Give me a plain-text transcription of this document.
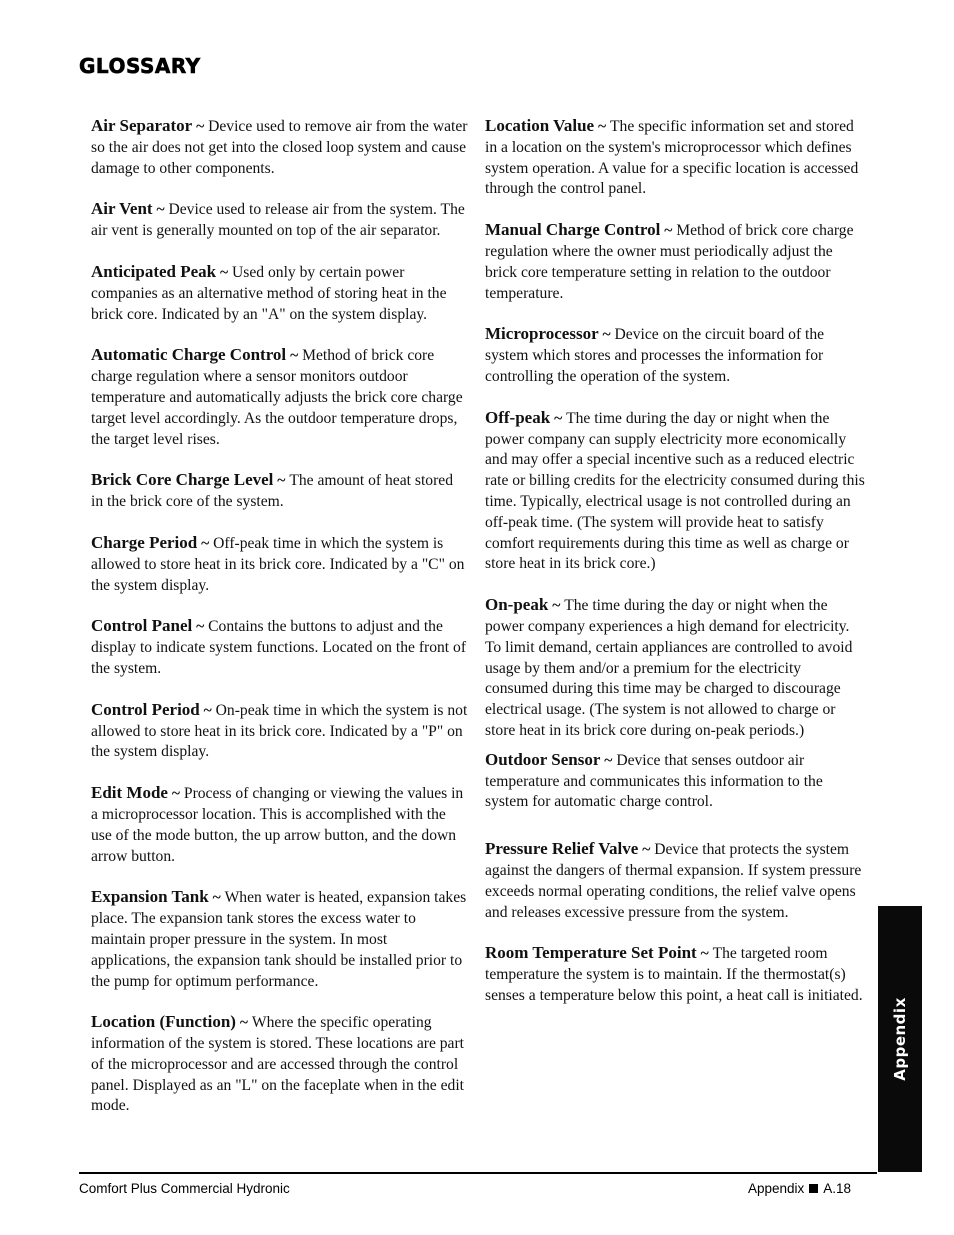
GLOSSARY

Air Separator ~ Device used to remove air from the water so the air does not get into the closed loop system and cause damage to other components.

Air Vent ~ Device used to release air from the system. The air vent is generally mounted on top of the air separator.

Anticipated Peak ~ Used only by certain power companies as an alternative method of storing heat in the brick core. Indicated by an "A" on the system display.

Automatic Charge Control ~ Method of brick core charge regulation where a sensor monitors outdoor temperature and automatically adjusts the brick core charge target level accordingly. As the outdoor temperature drops, the target level rises.

Brick Core Charge Level ~ The amount of heat stored in the brick core of the system.

Charge Period ~ Off-peak time in which the system is allowed to store heat in its brick core. Indicated by a "C" on the system display.

Control Panel ~ Contains the buttons to adjust and the display to indicate system functions. Located on the front of the system.

Control Period ~ On-peak time in which the system is not allowed to store heat in its brick core. Indicated by a "P" on the system display.

Edit Mode ~ Process of changing or viewing the values in a microprocessor location. This is accomplished with the use of the mode button, the up arrow button, and the down arrow button.

Expansion Tank ~ When water is heated, expansion takes place. The expansion tank stores the excess water to maintain proper pressure in the system. In most applications, the expansion tank should be installed prior to the pump for optimum performance.

Location (Function) ~ Where the specific operating information of the system is stored. These locations are part of the microprocessor and are accessed through the control panel. Displayed as an "L" on the faceplate when in the edit mode.

Location Value ~ The specific information set and stored in a location on the system's microprocessor which defines system operation. A value for a specific location is accessed through the control panel.

Manual Charge Control ~ Method of brick core charge regulation where the owner must periodically adjust the brick core temperature setting in relation to the outdoor temperature.

Microprocessor ~ Device on the circuit board of the system which stores and processes the information for controlling the operation of the system.

Off-peak ~ The time during the day or night when the power company can supply electricity more economically and may offer a special incentive such as a reduced electric rate or billing credits for the electricity consumed during this time. Typically, electrical usage is not controlled during an off-peak time. (The system will provide heat to satisfy comfort requirements during this time as well as charge or store heat in its brick core.)

On-peak ~ The time during the day or night when the power company experiences a high demand for electricity. To limit demand, certain appliances are controlled to avoid usage by them and/or a premium for the electricity consumed during this time may be charged to discourage electrical usage. (The system is not allowed to charge or store heat in its brick core during on-peak periods.)

Outdoor Sensor ~ Device that senses outdoor air temperature and communicates this information to the system for automatic charge control.

Pressure Relief Valve ~ Device that protects the system against the dangers of thermal expansion. If system pressure exceeds normal operating conditions, the relief valve opens and releases excessive pressure from the system.

Room Temperature Set Point ~ The targeted room temperature the system is to maintain. If the thermostat(s) senses a temperature below this point, a heat call is initiated.

Appendix
Comfort Plus Commercial Hydronic	Appendix A.18
